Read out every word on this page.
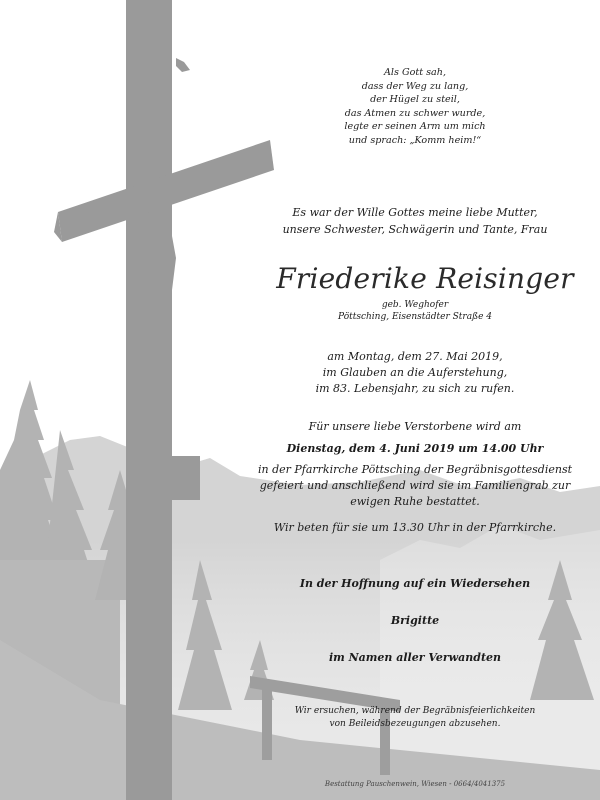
Als Gott sah,
dass der Weg zu lang,
der Hügel zu steil,
das Atmen zu schwer wurde,
legte er seinen Arm um mich
und sprach: „Komm heim!“
Es war der Wille Gottes meine liebe Mutter,
unsere Schwester, Schwägerin und Tante, Frau
Friederike Reisinger
geb. Weghofer
Pöttsching, Eisenstädter Straße 4
am Montag, dem 27. Mai 2019,
im Glauben an die Auferstehung,
im 83. Lebensjahr, zu sich zu rufen.
Für unsere liebe Verstorbene wird am
Dienstag, dem 4. Juni 2019 um 14.00 Uhr
in der Pfarrkirche Pöttsching der Begräbnisgottesdienst
gefeiert und anschließend wird sie im Familiengrab zur
ewigen Ruhe bestattet.
Wir beten für sie um 13.30 Uhr in der Pfarrkirche.
In der Hoffnung auf ein Wiedersehen
Brigitte
im Namen aller Verwandten
Wir ersuchen, während der Begräbnisfeierlichkeiten
von Beileidsbezeugungen abzusehen.
Bestattung Pauschenwein, Wiesen - 0664/4041375
